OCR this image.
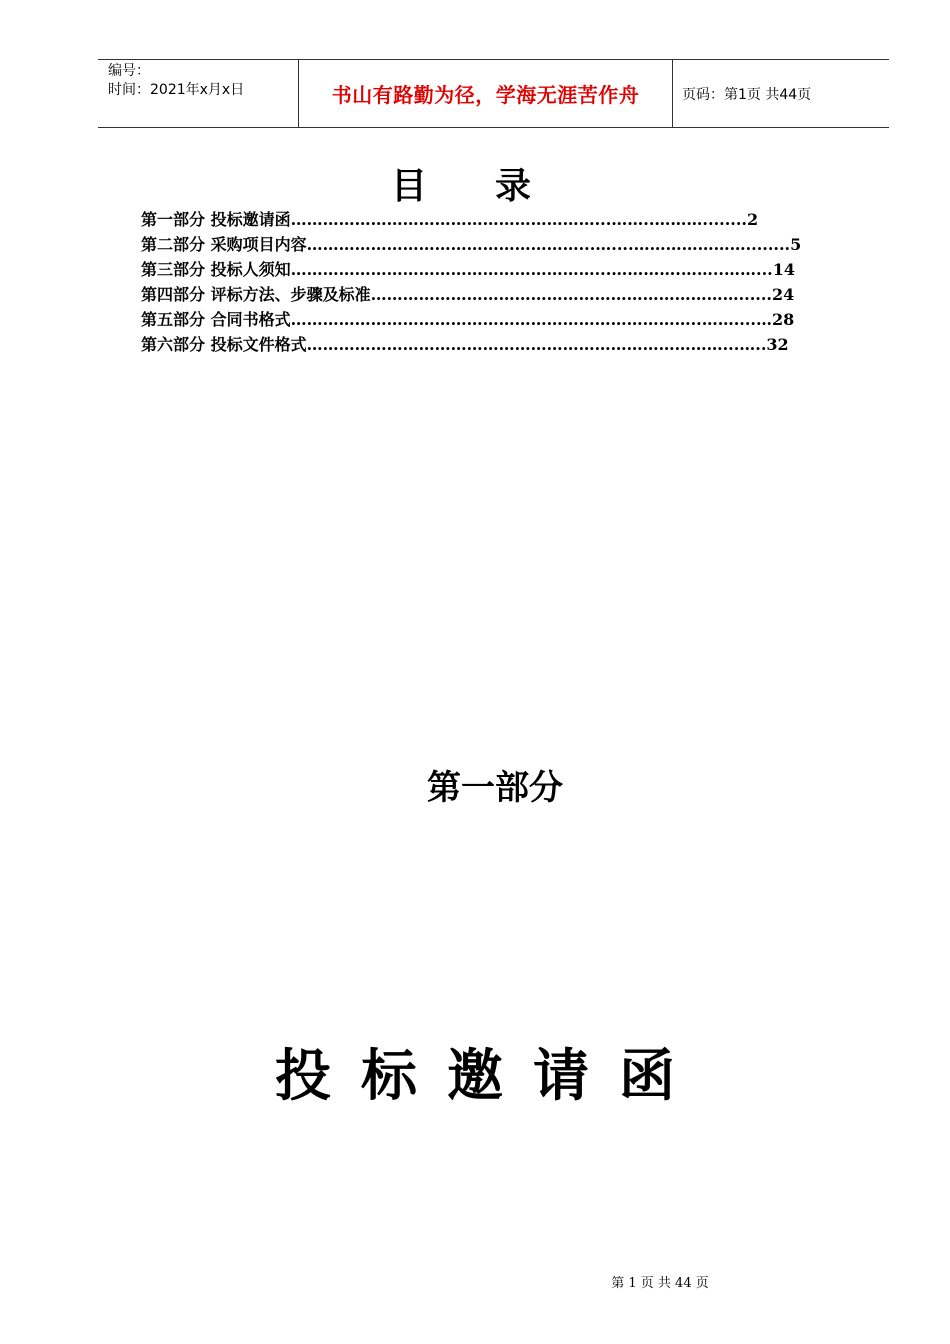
编号：
时间：2021年x月x日	书山有路勤为径，学海无涯苦作舟	页码：第1页 共44页
目录
第一部分 投标邀请函…………………………………………………...……..………........2
第二部分 采购项目内容……………………………………………...…....…………………........5
第三部分 投标人须知…………………………………………………...………….……..……...14
第四部分 评标方法、步骤及标准……………………………………………………………......24
第五部分 合同书格式…………………………………………………………………..……....…28
第六部分 投标文件格式……………………………………………………………………...…..32
第一部分
投标邀请函
第 1 页 共 44 页
